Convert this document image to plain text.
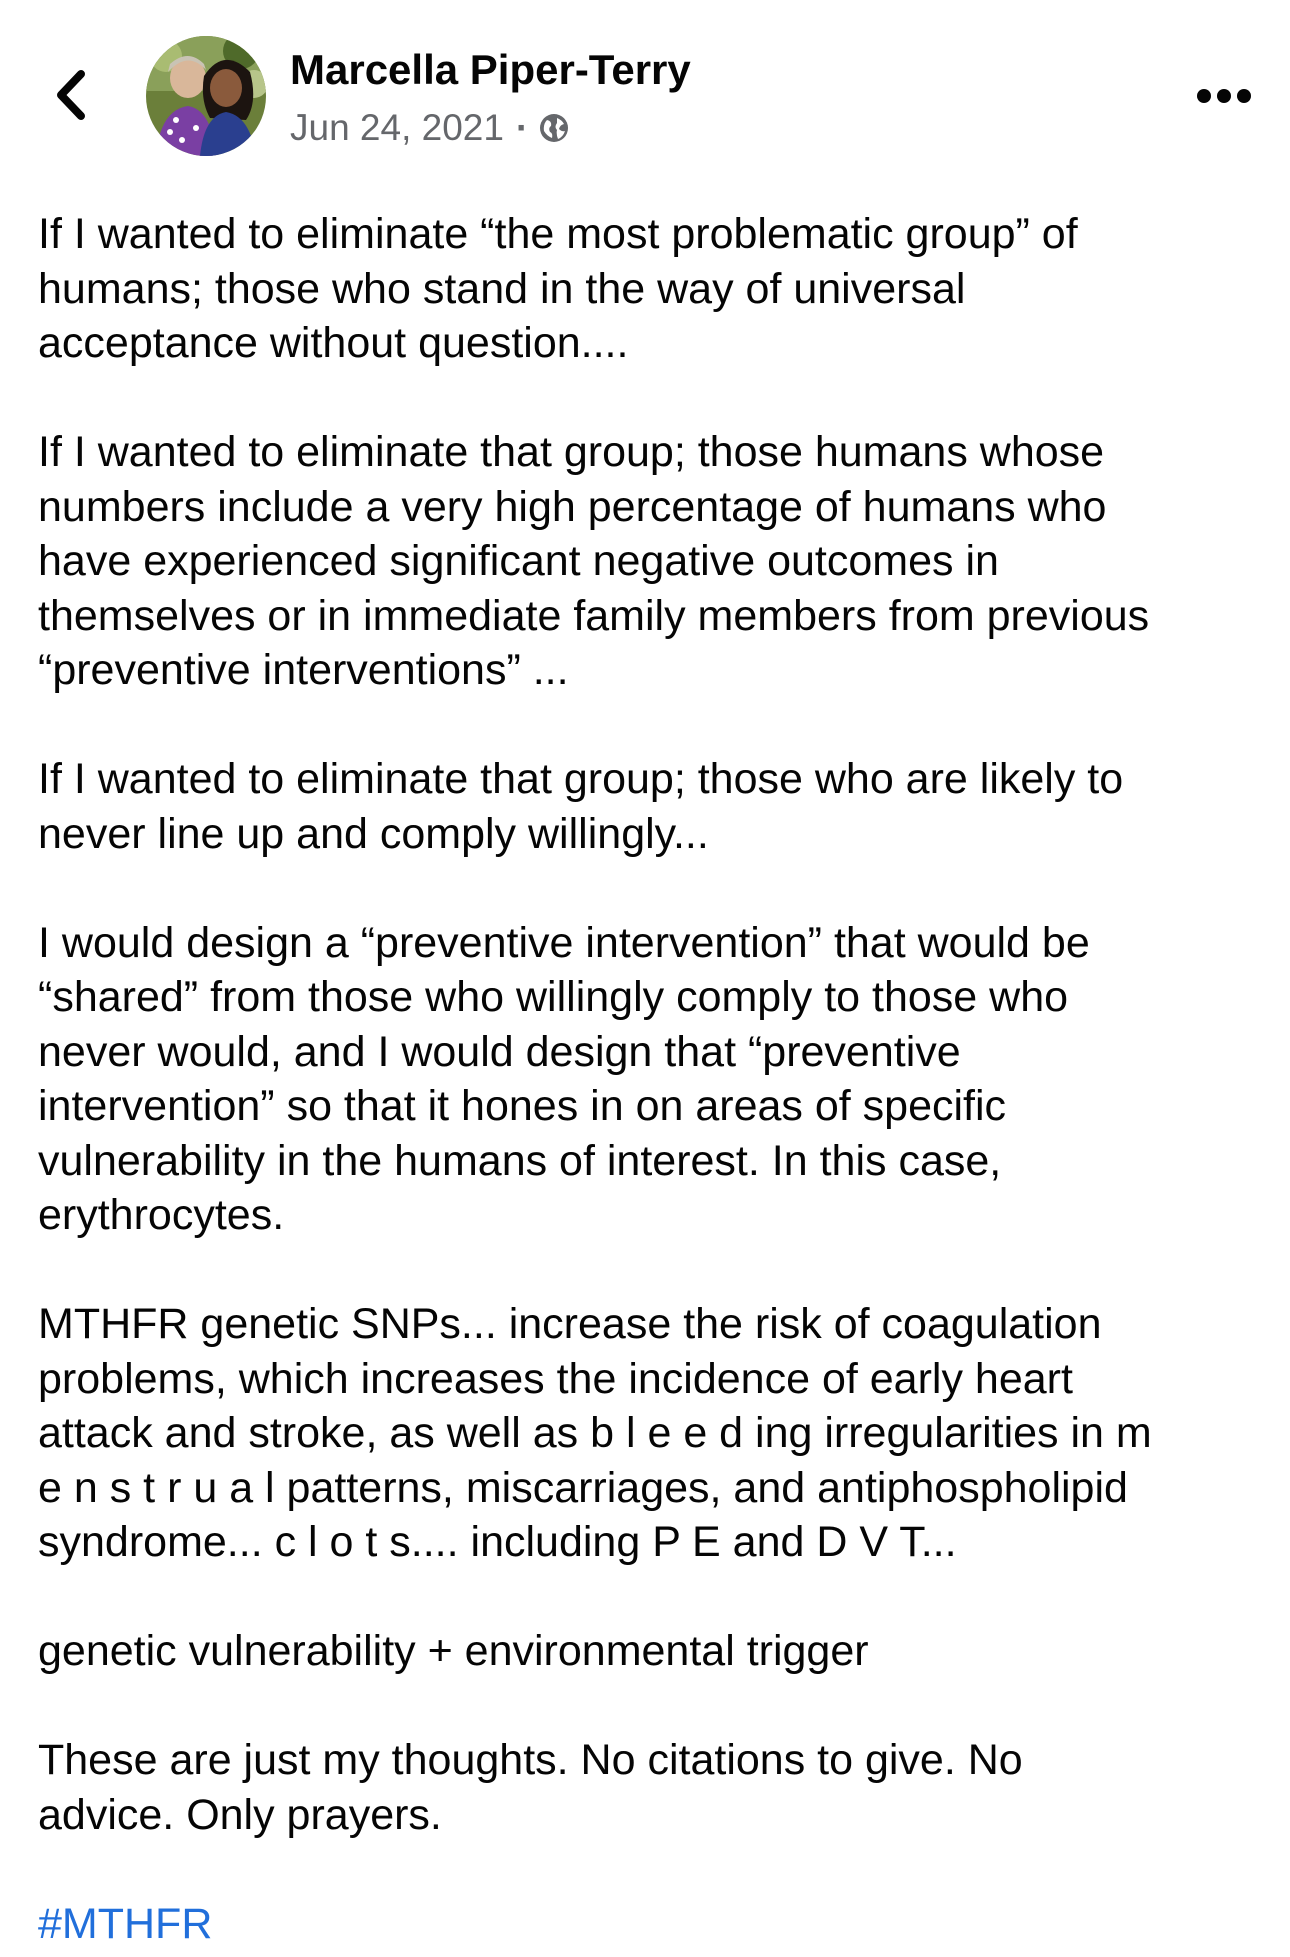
Marcella Piper-Terry
Jun 24, 2021 ·
If I wanted to eliminate “the most problematic group” of
humans; those who stand in the way of universal
acceptance without question....
If I wanted to eliminate that group; those humans whose
numbers include a very high percentage of humans who
have experienced significant negative outcomes in
themselves or in immediate family members from previous
“preventive interventions” ...
If I wanted to eliminate that group; those who are likely to
never line up and comply willingly...
I would design a “preventive intervention” that would be
“shared” from those who willingly comply to those who
never would, and I would design that “preventive
intervention” so that it hones in on areas of specific
vulnerability in the humans of interest. In this case,
erythrocytes.
MTHFR genetic SNPs... increase the risk of coagulation
problems, which increases the incidence of early heart
attack and stroke, as well as b l e e d ing irregularities in m
e n s t r u a l patterns, miscarriages, and antiphospholipid
syndrome... c l o t s.... including P E and D V T...
genetic vulnerability + environmental trigger
These are just my thoughts. No citations to give. No
advice. Only prayers.
#MTHFR
